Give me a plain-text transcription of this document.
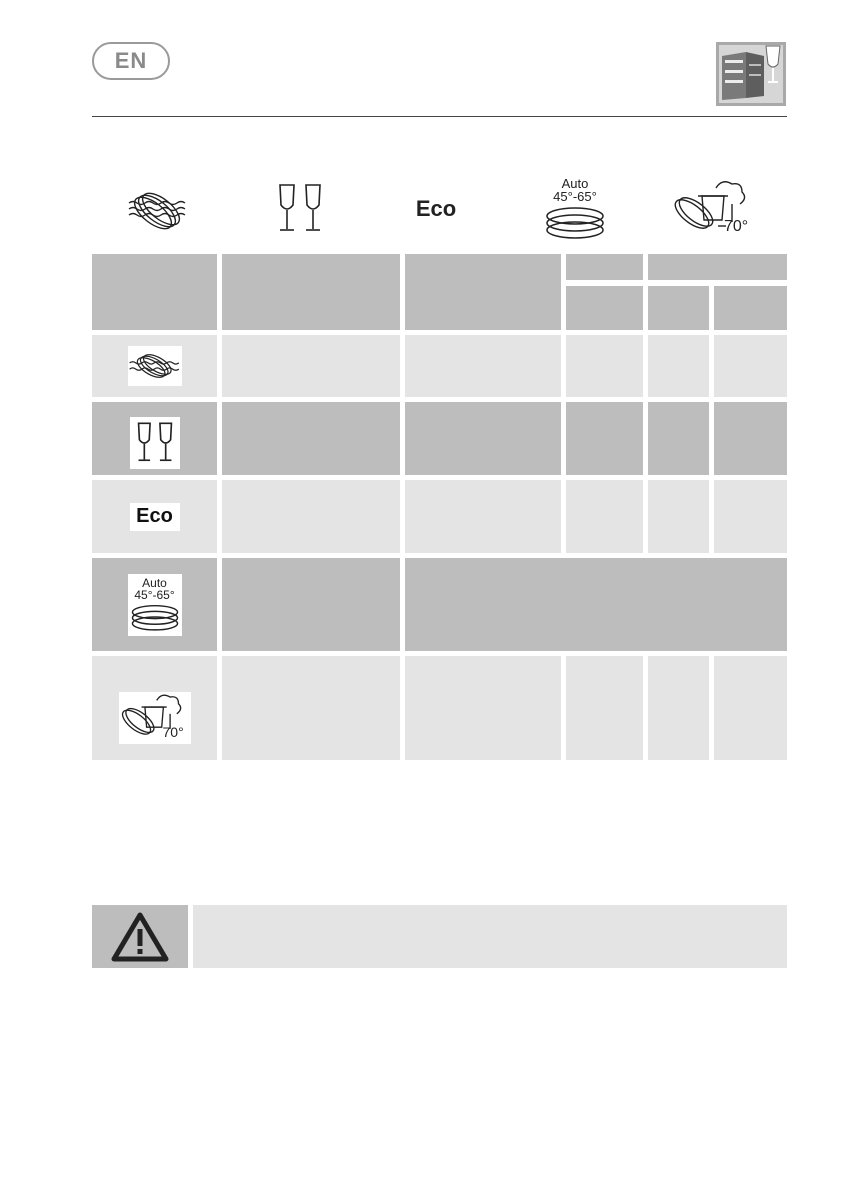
EN
Eco
Auto
45°-65°
70°
Eco
Auto
45°-65°
70°
